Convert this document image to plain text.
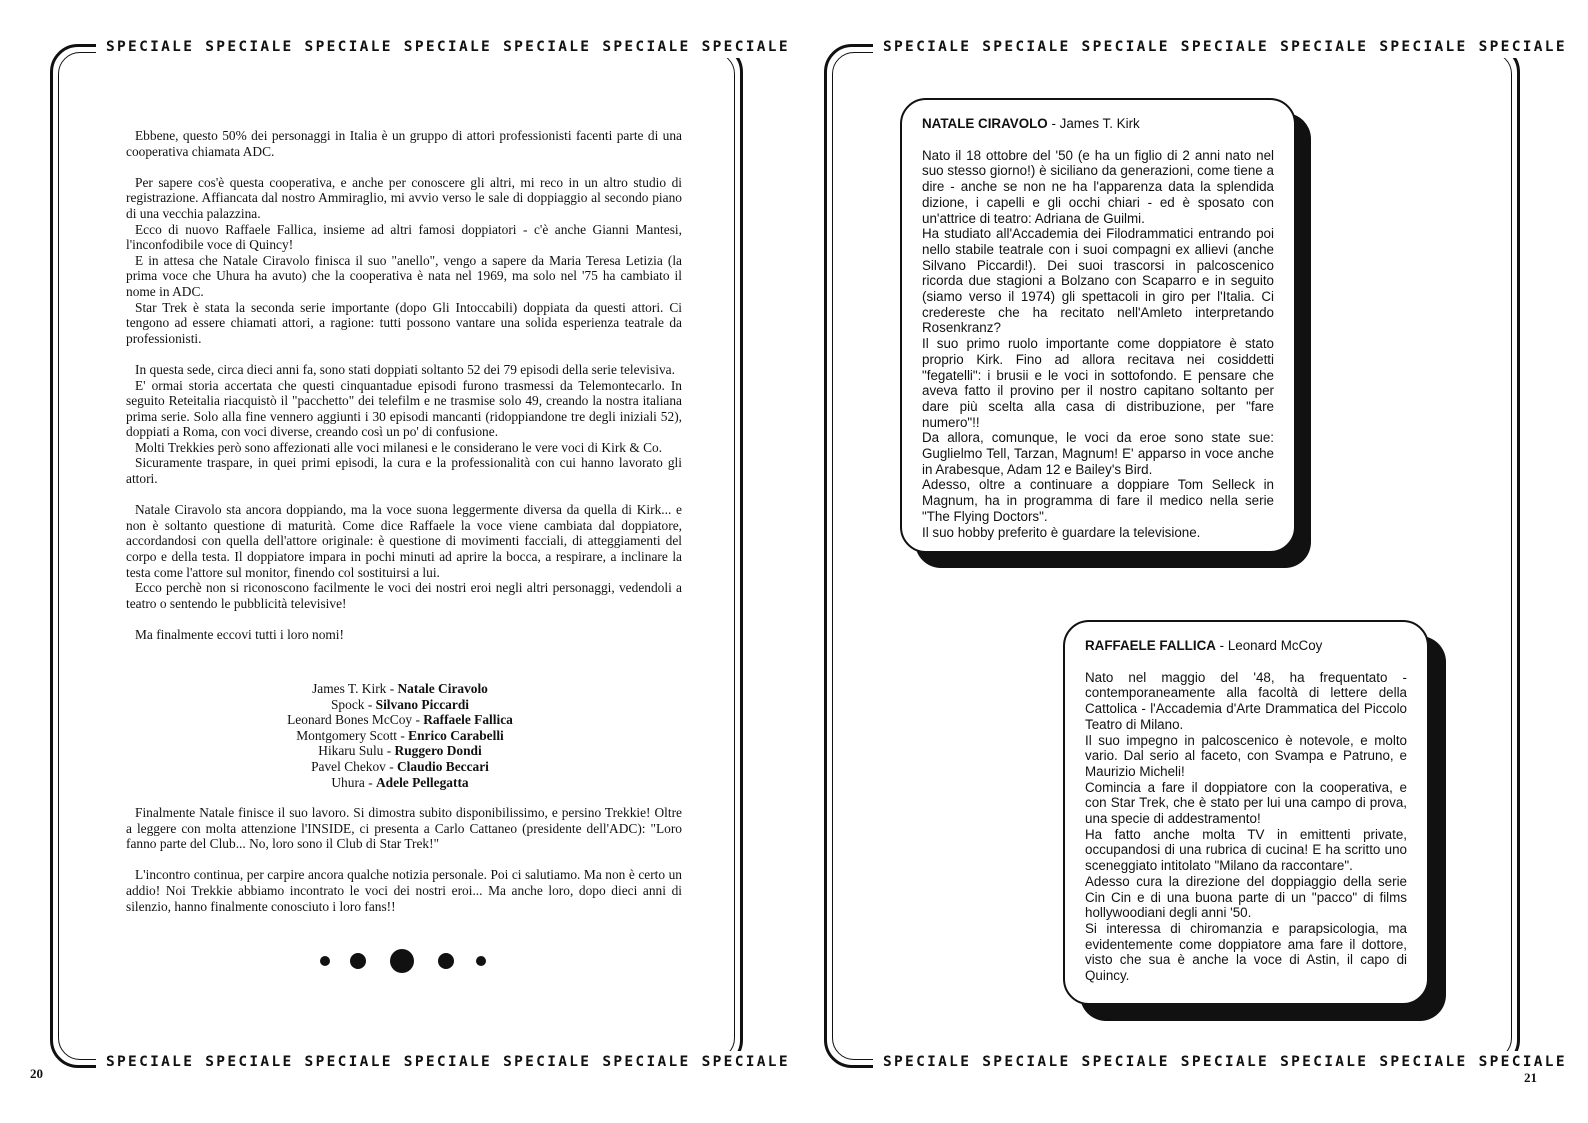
SPECIALE SPECIALE SPECIALE SPECIALE SPECIALE SPECIALE SPECIALE
SPECIALE SPECIALE SPECIALE SPECIALE SPECIALE SPECIALE SPECIALE

Ebbene, questo 50% dei personaggi in Italia è un gruppo di attori professionisti facenti parte di una cooperativa chiamata ADC.

Per sapere cos'è questa cooperativa, e anche per conoscere gli altri, mi reco in un altro studio di registrazione. Affiancata dal nostro Ammiraglio, mi avvio verso le sale di doppiaggio al secondo piano di una vecchia palazzina.

Ecco di nuovo Raffaele Fallica, insieme ad altri famosi doppiatori - c'è anche Gianni Mantesi, l'inconfodibile voce di Quincy!

E in attesa che Natale Ciravolo finisca il suo "anello", vengo a sapere da Maria Teresa Letizia (la prima voce che Uhura ha avuto) che la cooperativa è nata nel 1969, ma solo nel '75 ha cambiato il nome in ADC.

Star Trek è stata la seconda serie importante (dopo Gli Intoccabili) doppiata da questi attori. Ci tengono ad essere chiamati attori, a ragione: tutti possono vantare una solida esperienza teatrale da professionisti.

In questa sede, circa dieci anni fa, sono stati doppiati soltanto 52 dei 79 episodi della serie televisiva.

E' ormai storia accertata che questi cinquantadue episodi furono trasmessi da Telemontecarlo. In seguito Reteitalia riacquistò il "pacchetto" dei telefilm e ne trasmise solo 49, creando la nostra italiana prima serie. Solo alla fine vennero aggiunti i 30 episodi mancanti (ridoppiandone tre degli iniziali 52), doppiati a Roma, con voci diverse, creando così un po' di confusione.

Molti Trekkies però sono affezionati alle voci milanesi e le considerano le vere voci di Kirk & Co.

Sicuramente traspare, in quei primi episodi, la cura e la professionalità con cui hanno lavorato gli attori.

Natale Ciravolo sta ancora doppiando, ma la voce suona leggermente diversa da quella di Kirk... e non è soltanto questione di maturità. Come dice Raffaele la voce viene cambiata dal doppiatore, accordandosi con quella dell'attore originale: è questione di movimenti facciali, di atteggiamenti del corpo e della testa. Il doppiatore impara in pochi minuti ad aprire la bocca, a respirare, a inclinare la testa come l'attore sul monitor, finendo col sostituirsi a lui.

Ecco perchè non si riconoscono facilmente le voci dei nostri eroi negli altri personaggi, vedendoli a teatro o sentendo le pubblicità televisive!

Ma finalmente eccovi tutti i loro nomi!

James T. Kirk - Natale Ciravolo
Spock - Silvano Piccardi
Leonard Bones McCoy - Raffaele Fallica
Montgomery Scott - Enrico Carabelli
Hikaru Sulu - Ruggero Dondi
Pavel Chekov - Claudio Beccari
Uhura - Adele Pellegatta

Finalmente Natale finisce il suo lavoro. Si dimostra subito disponibilissimo, e persino Trekkie! Oltre a leggere con molta attenzione l'INSIDE, ci presenta a Carlo Cattaneo (presidente dell'ADC): "Loro fanno parte del Club... No, loro sono il Club di Star Trek!"

L'incontro continua, per carpire ancora qualche notizia personale. Poi ci salutiamo. Ma non è certo un addio! Noi Trekkie abbiamo incontrato le voci dei nostri eroi... Ma anche loro, dopo dieci anni di silenzio, hanno finalmente conosciuto i loro fans!!

20
SPECIALE SPECIALE SPECIALE SPECIALE SPECIALE SPECIALE SPECIALE
SPECIALE SPECIALE SPECIALE SPECIALE SPECIALE SPECIALE SPECIALE
NATALE CIRAVOLO - James T. Kirk

Nato il 18 ottobre del '50 (e ha un figlio di 2 anni nato nel suo stesso giorno!) è siciliano da generazioni, come tiene a dire - anche se non ne ha l'apparenza data la splendida dizione, i capelli e gli occhi chiari - ed è sposato con un'attrice di teatro: Adriana de Guilmi.

Ha studiato all'Accademia dei Filodrammatici entrando poi nello stabile teatrale con i suoi compagni ex allievi (anche Silvano Piccardi!). Dei suoi trascorsi in palcoscenico ricorda due stagioni a Bolzano con Scaparro e in seguito (siamo verso il 1974) gli spettacoli in giro per l'Italia. Ci credereste che ha recitato nell'Amleto interpretando Rosenkranz?

Il suo primo ruolo importante come doppiatore è stato proprio Kirk. Fino ad allora recitava nei cosiddetti "fegatelli": i brusii e le voci in sottofondo. E pensare che aveva fatto il provino per il nostro capitano soltanto per dare più scelta alla casa di distribuzione, per "fare numero"!!

Da allora, comunque, le voci da eroe sono state sue: Guglielmo Tell, Tarzan, Magnum! E' apparso in voce anche in Arabesque, Adam 12 e Bailey's Bird.

Adesso, oltre a continuare a doppiare Tom Selleck in Magnum, ha in programma di fare il medico nella serie "The Flying Doctors".

Il suo hobby preferito è guardare la televisione.

RAFFAELE FALLICA - Leonard McCoy

Nato nel maggio del '48, ha frequentato - contemporaneamente alla facoltà di lettere della Cattolica - l'Accademia d'Arte Drammatica del Piccolo Teatro di Milano.

Il suo impegno in palcoscenico è notevole, e molto vario. Dal serio al faceto, con Svampa e Patruno, e Maurizio Micheli!

Comincia a fare il doppiatore con la cooperativa, e con Star Trek, che è stato per lui una campo di prova, una specie di addestramento!

Ha fatto anche molta TV in emittenti private, occupandosi di una rubrica di cucina! E ha scritto uno sceneggiato intitolato "Milano da raccontare".

Adesso cura la direzione del doppiaggio della serie Cin Cin e di una buona parte di un "pacco" di films hollywoodiani degli anni '50.

Si interessa di chiromanzia e parapsicologia, ma evidentemente come doppiatore ama fare il dottore, visto che sua è anche la voce di Astin, il capo di Quincy.

21
